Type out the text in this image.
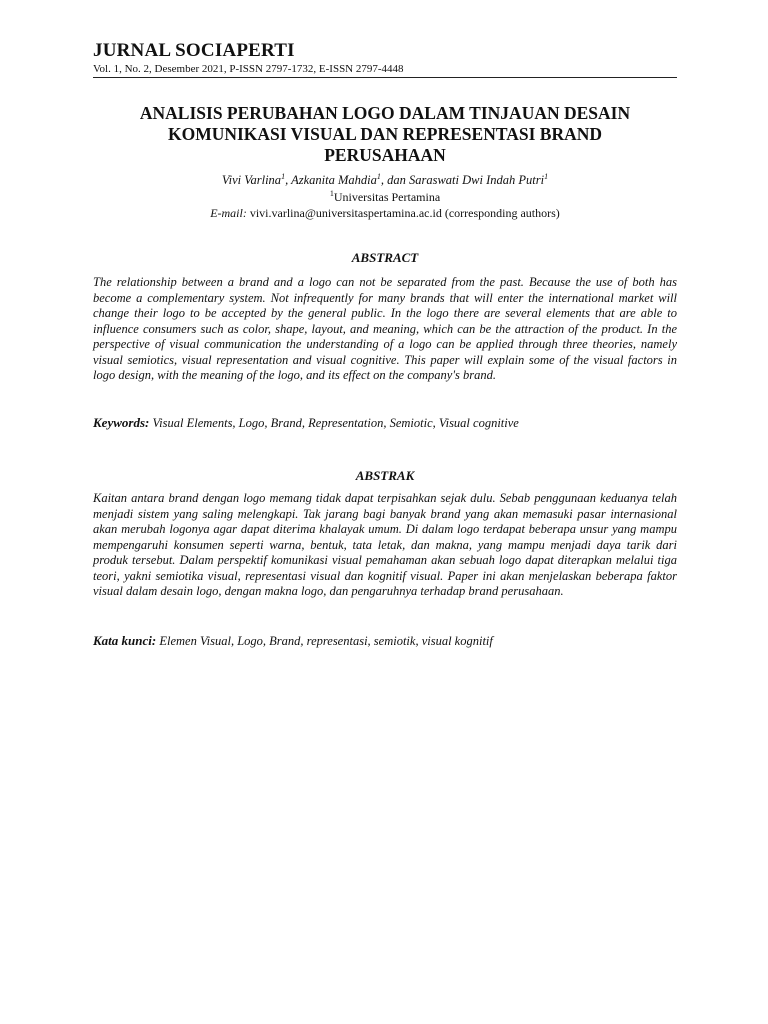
JURNAL SOCIAPERTI
Vol. 1, No. 2, Desember 2021, P-ISSN 2797-1732, E-ISSN 2797-4448
ANALISIS PERUBAHAN LOGO DALAM TINJAUAN DESAIN
KOMUNIKASI VISUAL DAN REPRESENTASI BRAND
PERUSAHAAN
Vivi Varlina$^1$, Azkanita Mahdia$^1$, dan Saraswati Dwi Indah Putri$^1$
$^1$Universitas Pertamina
E-mail: vivi.varlina@universitaspertamina.ac.id (corresponding authors)
ABSTRACT
The relationship between a brand and a logo can not be separated from the past. Because the use of both has become a complementary system. Not infrequently for many brands that will enter the international market will change their logo to be accepted by the general public. In the logo there are several elements that are able to influence consumers such as color, shape, layout, and meaning, which can be the attraction of the product. In the perspective of visual communication the understanding of a logo can be applied through three theories, namely visual semiotics, visual representation and visual cognitive. This paper will explain some of the visual factors in logo design, with the meaning of the logo, and its effect on the company's brand.
Keywords: Visual Elements, Logo, Brand, Representation, Semiotic, Visual cognitive
ABSTRAK
Kaitan antara brand dengan logo memang tidak dapat terpisahkan sejak dulu. Sebab penggunaan keduanya telah menjadi sistem yang saling melengkapi. Tak jarang bagi banyak brand yang akan memasuki pasar internasional akan merubah logonya agar dapat diterima khalayak umum. Di dalam logo terdapat beberapa unsur yang mampu mempengaruhi konsumen seperti warna, bentuk, tata letak, dan makna, yang mampu menjadi daya tarik dari produk tersebut. Dalam perspektif komunikasi visual pemahaman akan sebuah logo dapat diterapkan melalui tiga teori, yakni semiotika visual, representasi visual dan kognitif visual. Paper ini akan menjelaskan beberapa faktor visual dalam desain logo, dengan makna logo, dan pengaruhnya terhadap brand perusahaan.
Kata kunci: Elemen Visual, Logo, Brand, representasi, semiotik, visual kognitif
